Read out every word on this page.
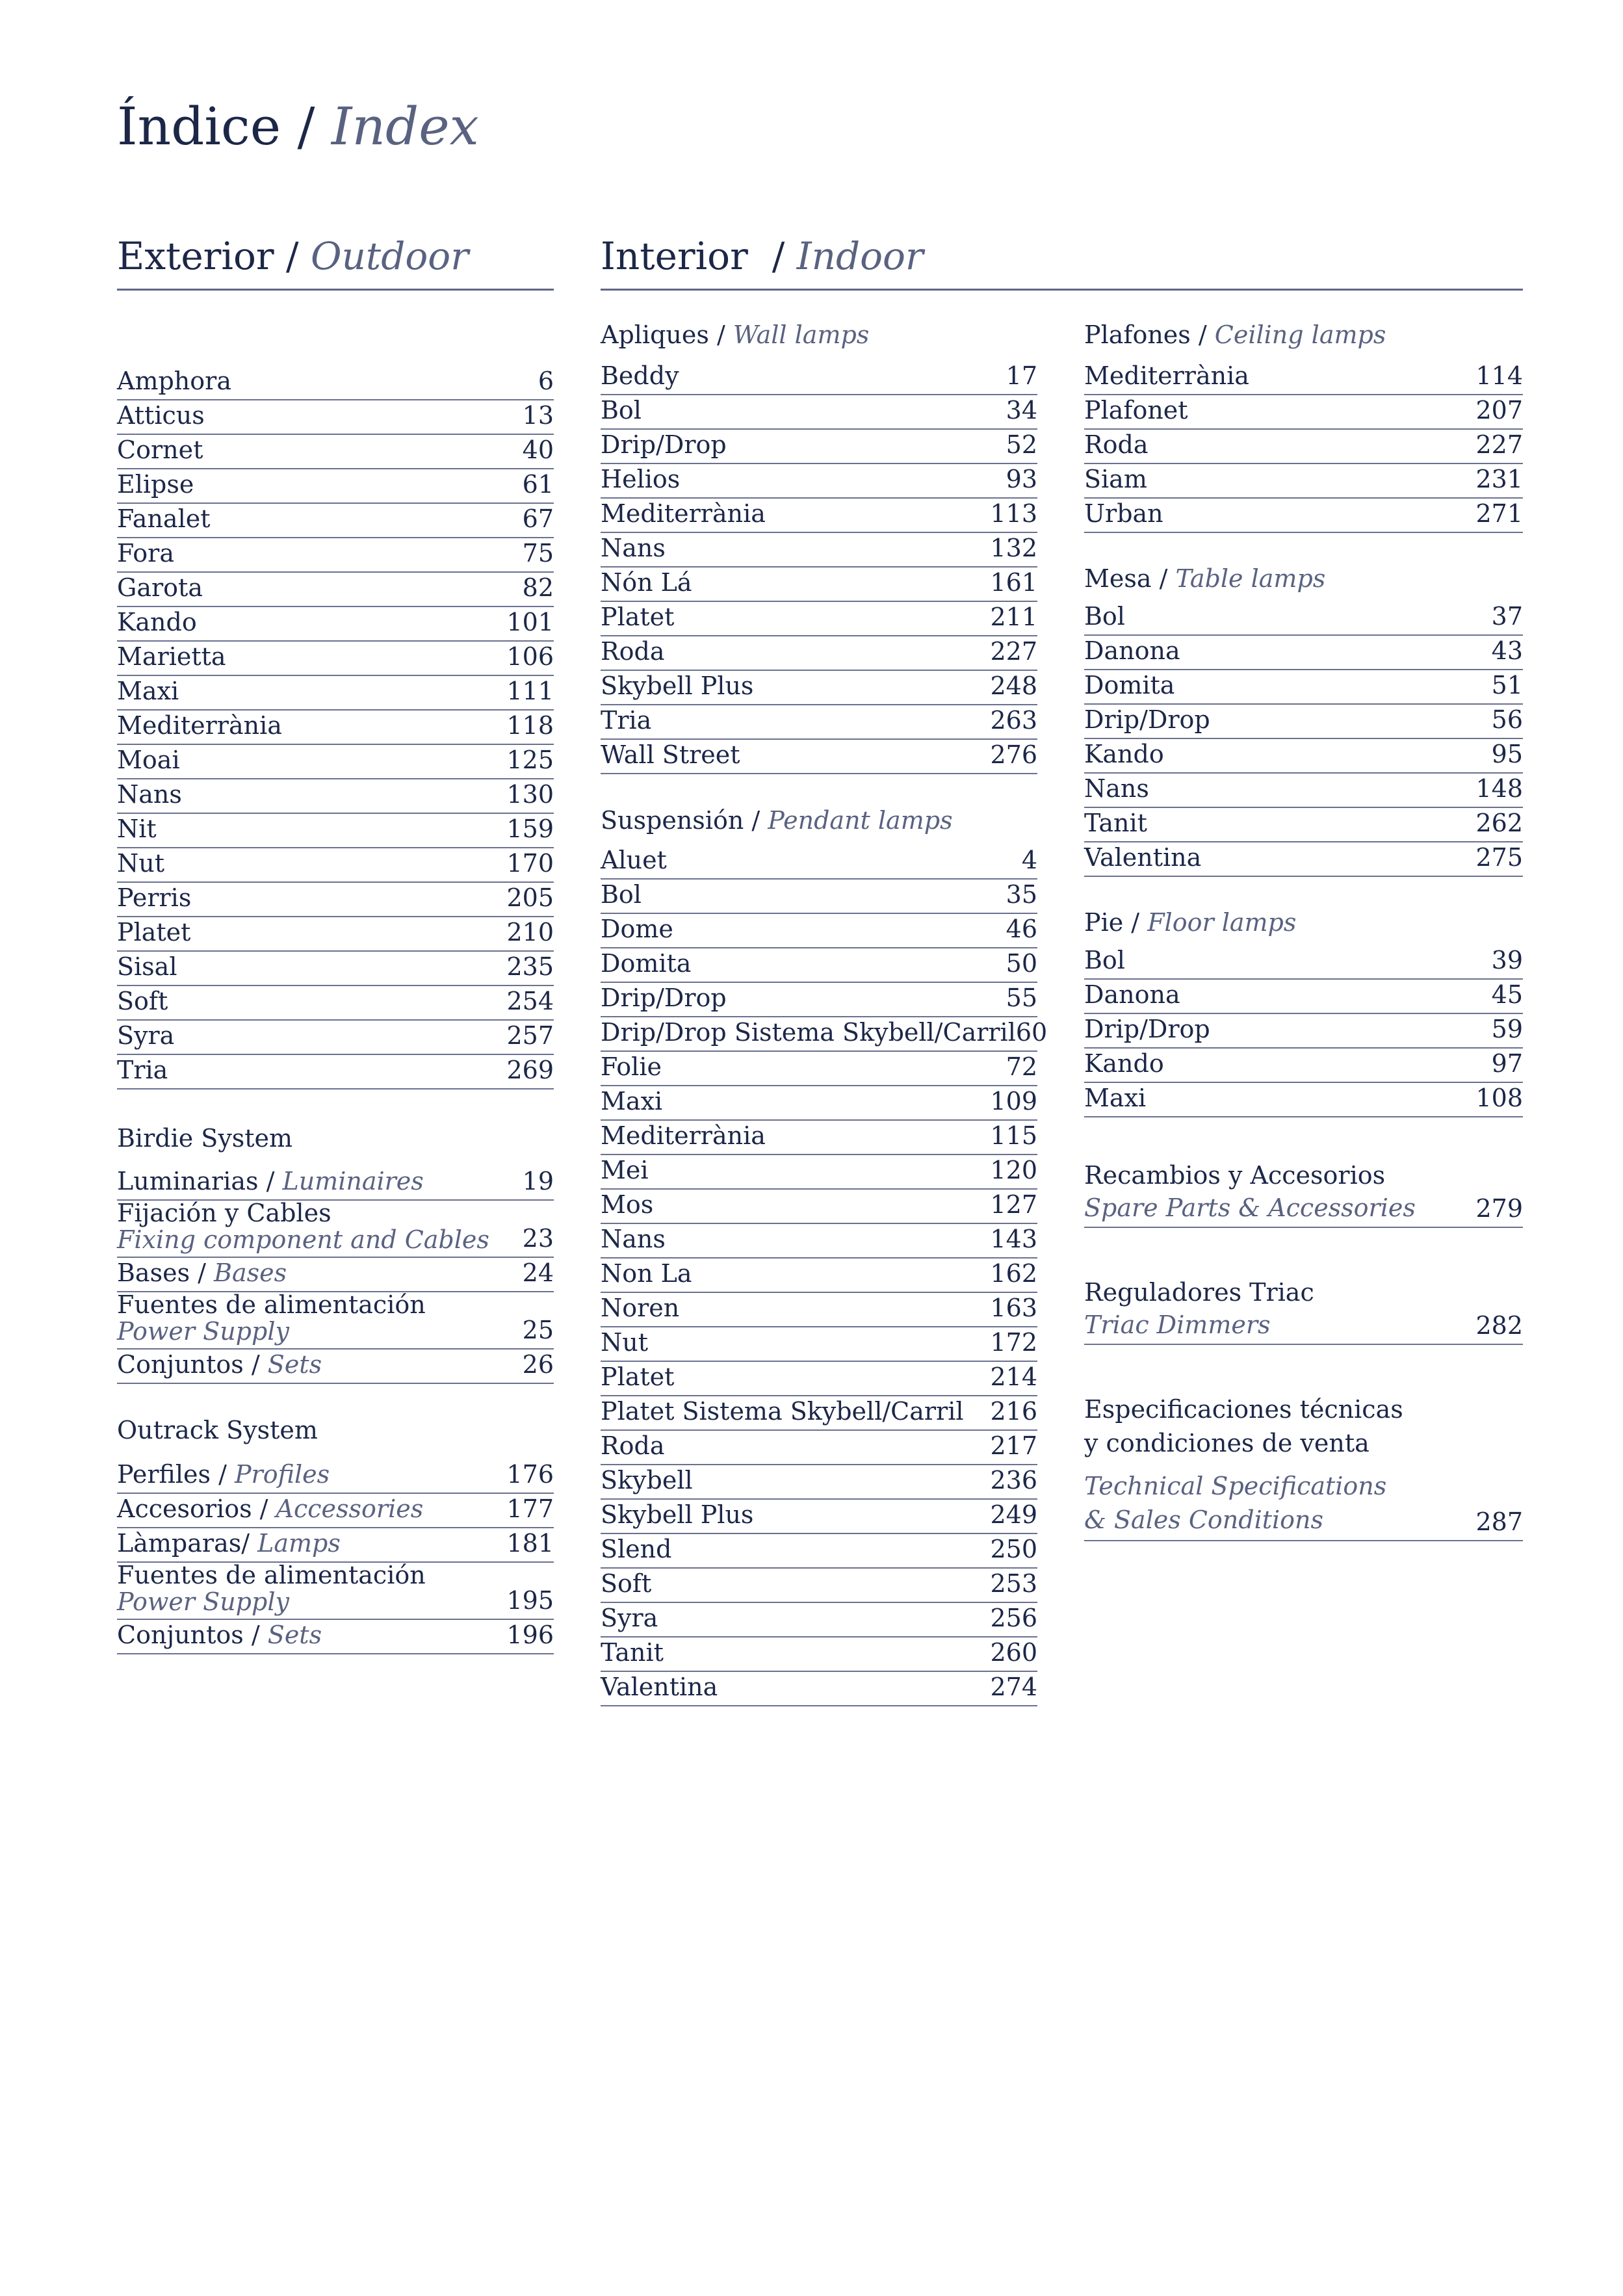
Índice / Index
Exterior / Outdoor	Interior  / Indoor
Amphora	6
Atticus	13
Cornet	40
Elipse	61
Fanalet	67
Fora	75
Garota	82
Kando	101
Marietta	106
Maxi	111
Mediterrània	118
Moai	125
Nans	130
Nit	159
Nut	170
Perris	205
Platet	210
Sisal	235
Soft	254
Syra	257
Tria	269
Birdie System
Luminarias / Luminaires	19
Fijación y Cables
Fixing component and Cables 23
Bases / Bases	24
Fuentes de alimentación
Power Supply	25
Conjuntos / Sets	26
Outrack System
Perfiles / Profiles	176
Accesorios / Accessories	177
Làmparas/ Lamps	181
Fuentes de alimentación
Power Supply	195
Conjuntos / Sets	196
Apliques / Wall lamps
Beddy	17
Bol	34
Drip/Drop	52
Helios	93
Mediterrània	113
Nans	132
Nón Lá	161
Platet	211
Roda	227
Skybell Plus	248
Tria	263
Wall Street	276
Suspensión / Pendant lamps
Aluet	4
Bol	35
Dome	46
Domita	50
Drip/Drop	55
Drip/Drop Sistema Skybell/Carril 60
Folie	72
Maxi	109
Mediterrània	115
Mei	120
Mos	127
Nans	143
Non La	162
Noren	163
Nut	172
Platet	214
Platet Sistema Skybell/Carril 216
Roda	217
Skybell	236
Skybell Plus	249
Slend	250
Soft	253
Syra	256
Tanit	260
Valentina	274
Plafones / Ceiling lamps
Mediterrània	114
Plafonet	207
Roda	227
Siam	231
Urban	271
Mesa / Table lamps
Bol	37
Danona	43
Domita	51
Drip/Drop	56
Kando	95
Nans	148
Tanit	262
Valentina	275
Pie / Floor lamps
Bol	39
Danona	45
Drip/Drop	59
Kando	97
Maxi	108
Recambios y Accesorios
Spare Parts & Accessories 279
Reguladores Triac
Triac Dimmers	282
Especificaciones técnicas
y condiciones de venta
Technical Specifications
& Sales Conditions	287
